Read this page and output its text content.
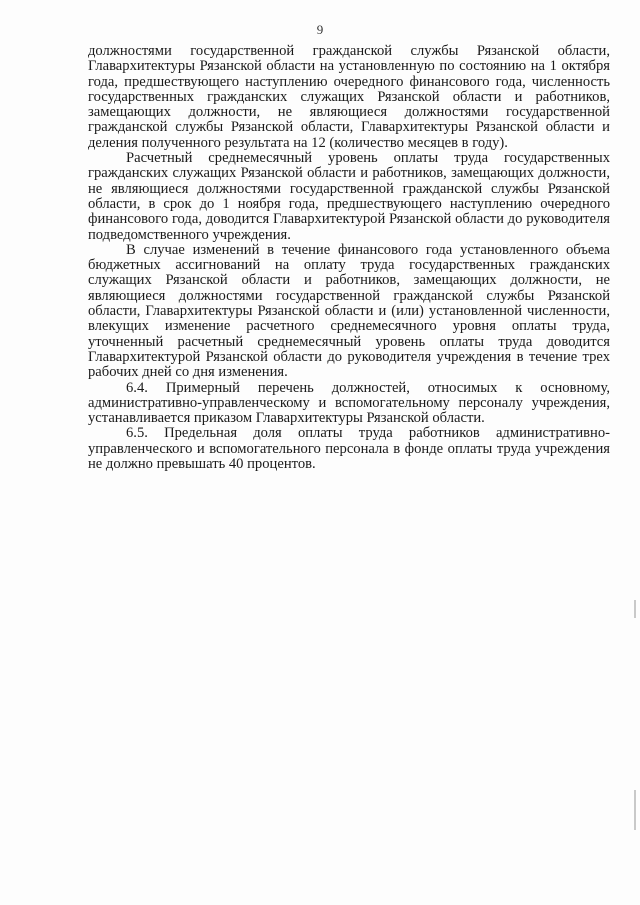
9

должностями государственной гражданской службы Рязанской области, Главархитектуры Рязанской области на установленную по состоянию на 1 октября года, предшествующего наступлению очередного финансового года, численность государственных гражданских служащих Рязанской области и работников, замещающих должности, не являющиеся должностями государственной гражданской службы Рязанской области, Главархитектуры Рязанской области и деления полученного результата на 12 (количество месяцев в году).

Расчетный среднемесячный уровень оплаты труда государственных гражданских служащих Рязанской области и работников, замещающих должности, не являющиеся должностями государственной гражданской службы Рязанской области, в срок до 1 ноября года, предшествующего наступлению очередного финансового года, доводится Главархитектурой Рязанской области до руководителя подведомственного учреждения.

В случае изменений в течение финансового года установленного объема бюджетных ассигнований на оплату труда государственных гражданских служащих Рязанской области и работников, замещающих должности, не являющиеся должностями государственной гражданской службы Рязанской области, Главархитектуры Рязанской области и (или) установленной численности, влекущих изменение расчетного среднемесячного уровня оплаты труда, уточненный расчетный среднемесячный уровень оплаты труда доводится Главархитектурой Рязанской области до руководителя учреждения в течение трех рабочих дней со дня изменения.

6.4. Примерный перечень должностей, относимых к основному, административно-управленческому и вспомогательному персоналу учреждения, устанавливается приказом Главархитектуры Рязанской области.

6.5. Предельная доля оплаты труда работников административно-управленческого и вспомогательного персонала в фонде оплаты труда учреждения не должно превышать 40 процентов.
